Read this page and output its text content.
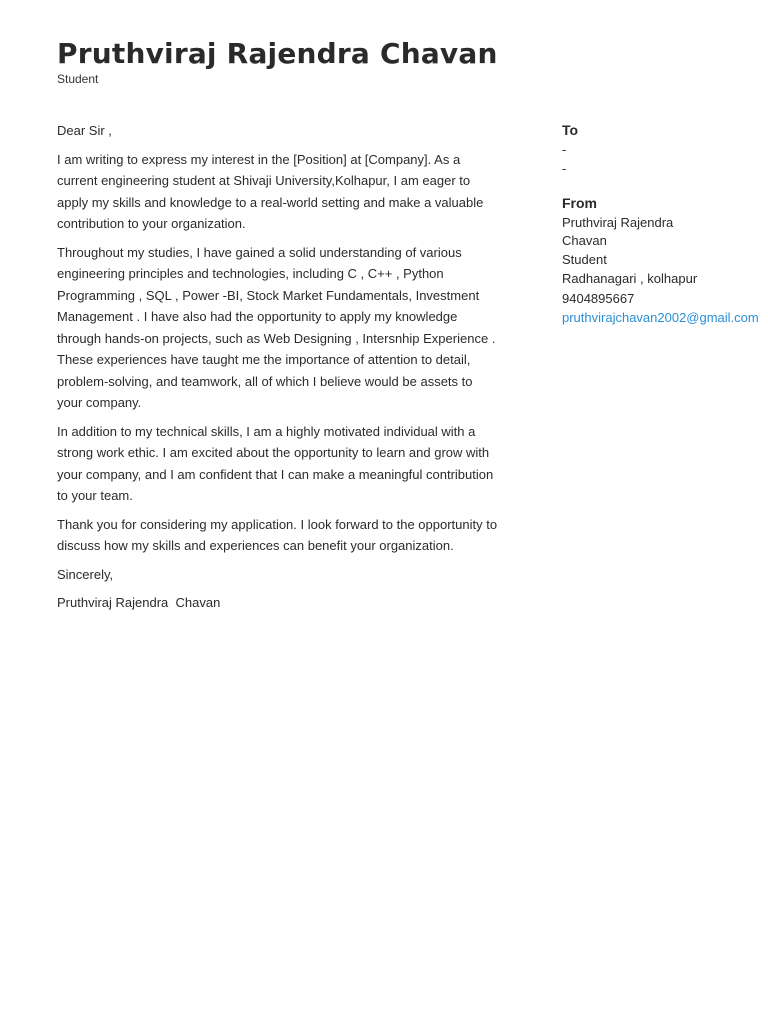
Pruthviraj Rajendra Chavan
Student

Dear Sir ,

I am writing to express my interest in the [Position] at [Company]. As a current engineering student at Shivaji University,Kolhapur, I am eager to apply my skills and knowledge to a real-world setting and make a valuable contribution to your organization.

Throughout my studies, I have gained a solid understanding of various engineering principles and technologies, including C , C++ , Python Programming , SQL , Power -BI, Stock Market Fundamentals, Investment Management . I have also had the opportunity to apply my knowledge through hands-on projects, such as Web Designing , Intersnhip Experience . These experiences have taught me the importance of attention to detail, problem-solving, and teamwork, all of which I believe would be assets to your company.

In addition to my technical skills, I am a highly motivated individual with a strong work ethic. I am excited about the opportunity to learn and grow with your company, and I am confident that I can make a meaningful contribution to your team.

Thank you for considering my application. I look forward to the opportunity to discuss how my skills and experiences can benefit your organization.

Sincerely,

Pruthviraj Rajendra  Chavan

To
-
-
From
Pruthviraj Rajendra Chavan
Student
Radhanagari , kolhapur
9404895667
pruthvirajchavan2002@gmail.com
